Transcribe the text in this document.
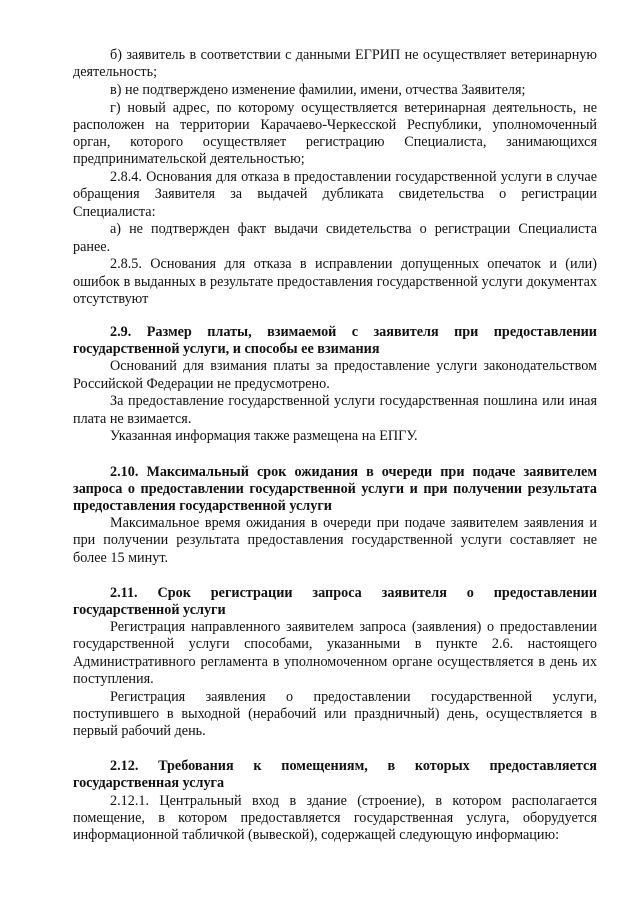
б) заявитель в соответствии с данными ЕГРИП не осуществляет ветеринарную деятельность;

в) не подтверждено изменение фамилии, имени, отчества Заявителя;

г) новый адрес, по которому осуществляется ветеринарная деятельность, не расположен на территории Карачаево-Черкесской Республики, уполномоченный орган, которого осуществляет регистрацию Специалиста, занимающихся предпринимательской деятельностью;

2.8.4. Основания для отказа в предоставлении государственной услуги в случае обращения Заявителя за выдачей дубликата свидетельства о регистрации Специалиста:

а) не подтвержден факт выдачи свидетельства о регистрации Специалиста ранее.

2.8.5. Основания для отказа в исправлении допущенных опечаток и (или) ошибок в выданных в результате предоставления государственной услуги документах отсутствуют

2.9. Размер платы, взимаемой с заявителя при предоставлении государственной услуги, и способы ее взимания

Оснований для взимания платы за предоставление услуги законодательством Российской Федерации не предусмотрено.

За предоставление государственной услуги государственная пошлина или иная плата не взимается.

Указанная информация также размещена на ЕПГУ.

2.10. Максимальный срок ожидания в очереди при подаче заявителем запроса о предоставлении государственной услуги и при получении результата предоставления государственной услуги

Максимальное время ожидания в очереди при подаче заявителем заявления и при получении результата предоставления государственной услуги составляет не более 15 минут.

2.11. Срок регистрации запроса заявителя о предоставлении государственной услуги

Регистрация направленного заявителем запроса (заявления) о предоставлении государственной услуги способами, указанными в пункте 2.6. настоящего Административного регламента в уполномоченном органе осуществляется в день их поступления.

Регистрация заявления о предоставлении государственной услуги, поступившего в выходной (нерабочий или праздничный) день, осуществляется в первый рабочий день.

2.12. Требования к помещениям, в которых предоставляется государственная услуга

2.12.1. Центральный вход в здание (строение), в котором располагается помещение, в котором предоставляется государственная услуга, оборудуется информационной табличкой (вывеской), содержащей следующую информацию:
